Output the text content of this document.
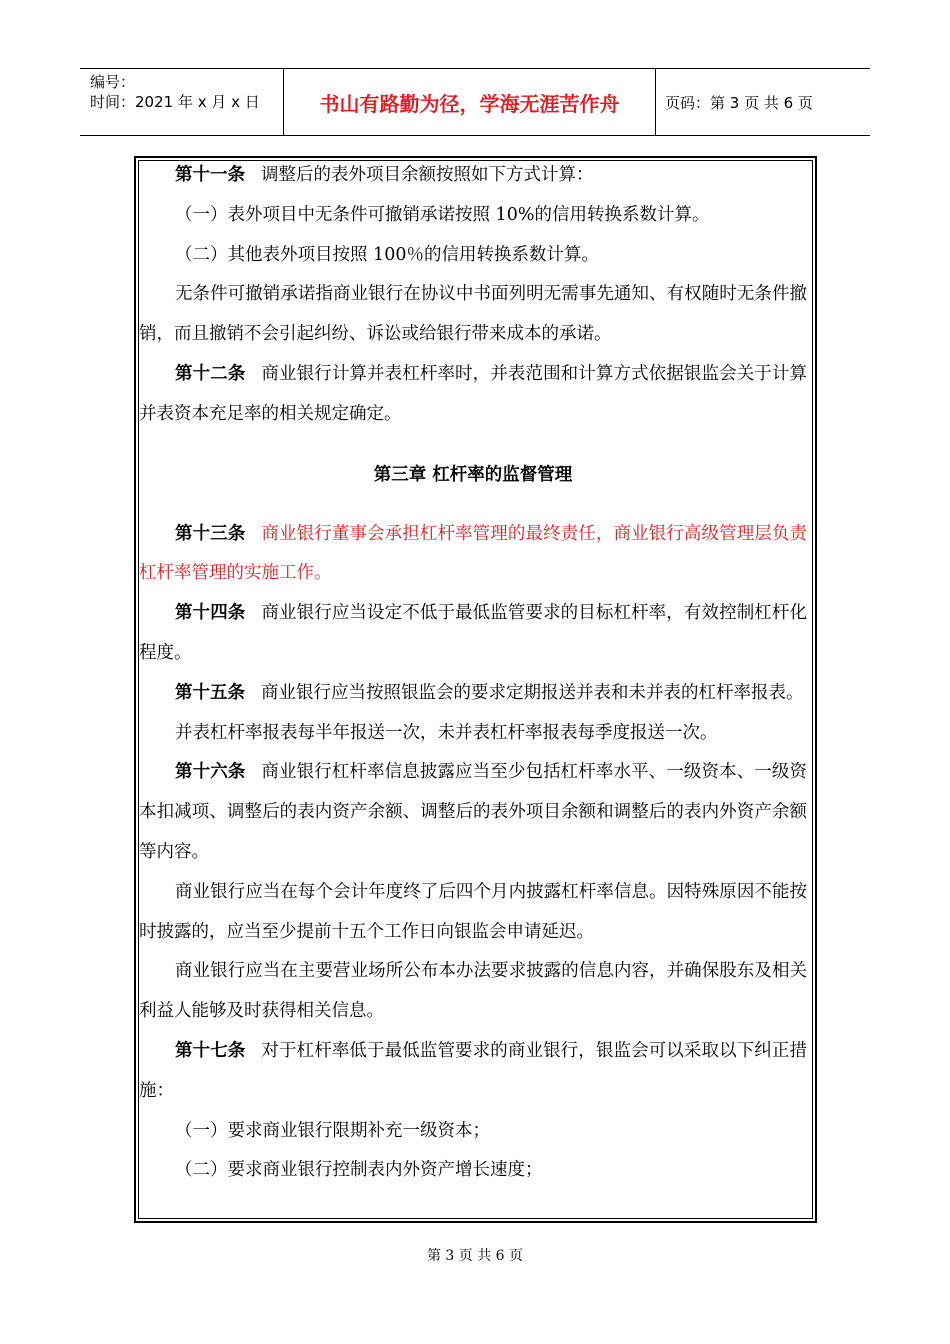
编号：
时间：2021 年 x 月 x 日	书山有路勤为径，学海无涯苦作舟	页码：第 3 页 共 6 页

第十一条 调整后的表外项目余额按照如下方式计算：

（一）表外项目中无条件可撤销承诺按照 10%的信用转换系数计算。

（二）其他表外项目按照 100％的信用转换系数计算。

无条件可撤销承诺指商业银行在协议中书面列明无需事先通知、有权随时无条件撤销，而且撤销不会引起纠纷、诉讼或给银行带来成本的承诺。

第十二条 商业银行计算并表杠杆率时，并表范围和计算方式依据银监会关于计算并表资本充足率的相关规定确定。

第三章 杠杆率的监督管理

第十三条 商业银行董事会承担杠杆率管理的最终责任，商业银行高级管理层负责杠杆率管理的实施工作。

第十四条 商业银行应当设定不低于最低监管要求的目标杠杆率，有效控制杠杆化程度。

第十五条 商业银行应当按照银监会的要求定期报送并表和未并表的杠杆率报表。

并表杠杆率报表每半年报送一次，未并表杠杆率报表每季度报送一次。

第十六条 商业银行杠杆率信息披露应当至少包括杠杆率水平、一级资本、一级资本扣减项、调整后的表内资产余额、调整后的表外项目余额和调整后的表内外资产余额等内容。

商业银行应当在每个会计年度终了后四个月内披露杠杆率信息。因特殊原因不能按时披露的，应当至少提前十五个工作日向银监会申请延迟。

商业银行应当在主要营业场所公布本办法要求披露的信息内容，并确保股东及相关利益人能够及时获得相关信息。

第十七条 对于杠杆率低于最低监管要求的商业银行，银监会可以采取以下纠正措施：

（一）要求商业银行限期补充一级资本；

（二）要求商业银行控制表内外资产增长速度；

第 3 页 共 6 页
